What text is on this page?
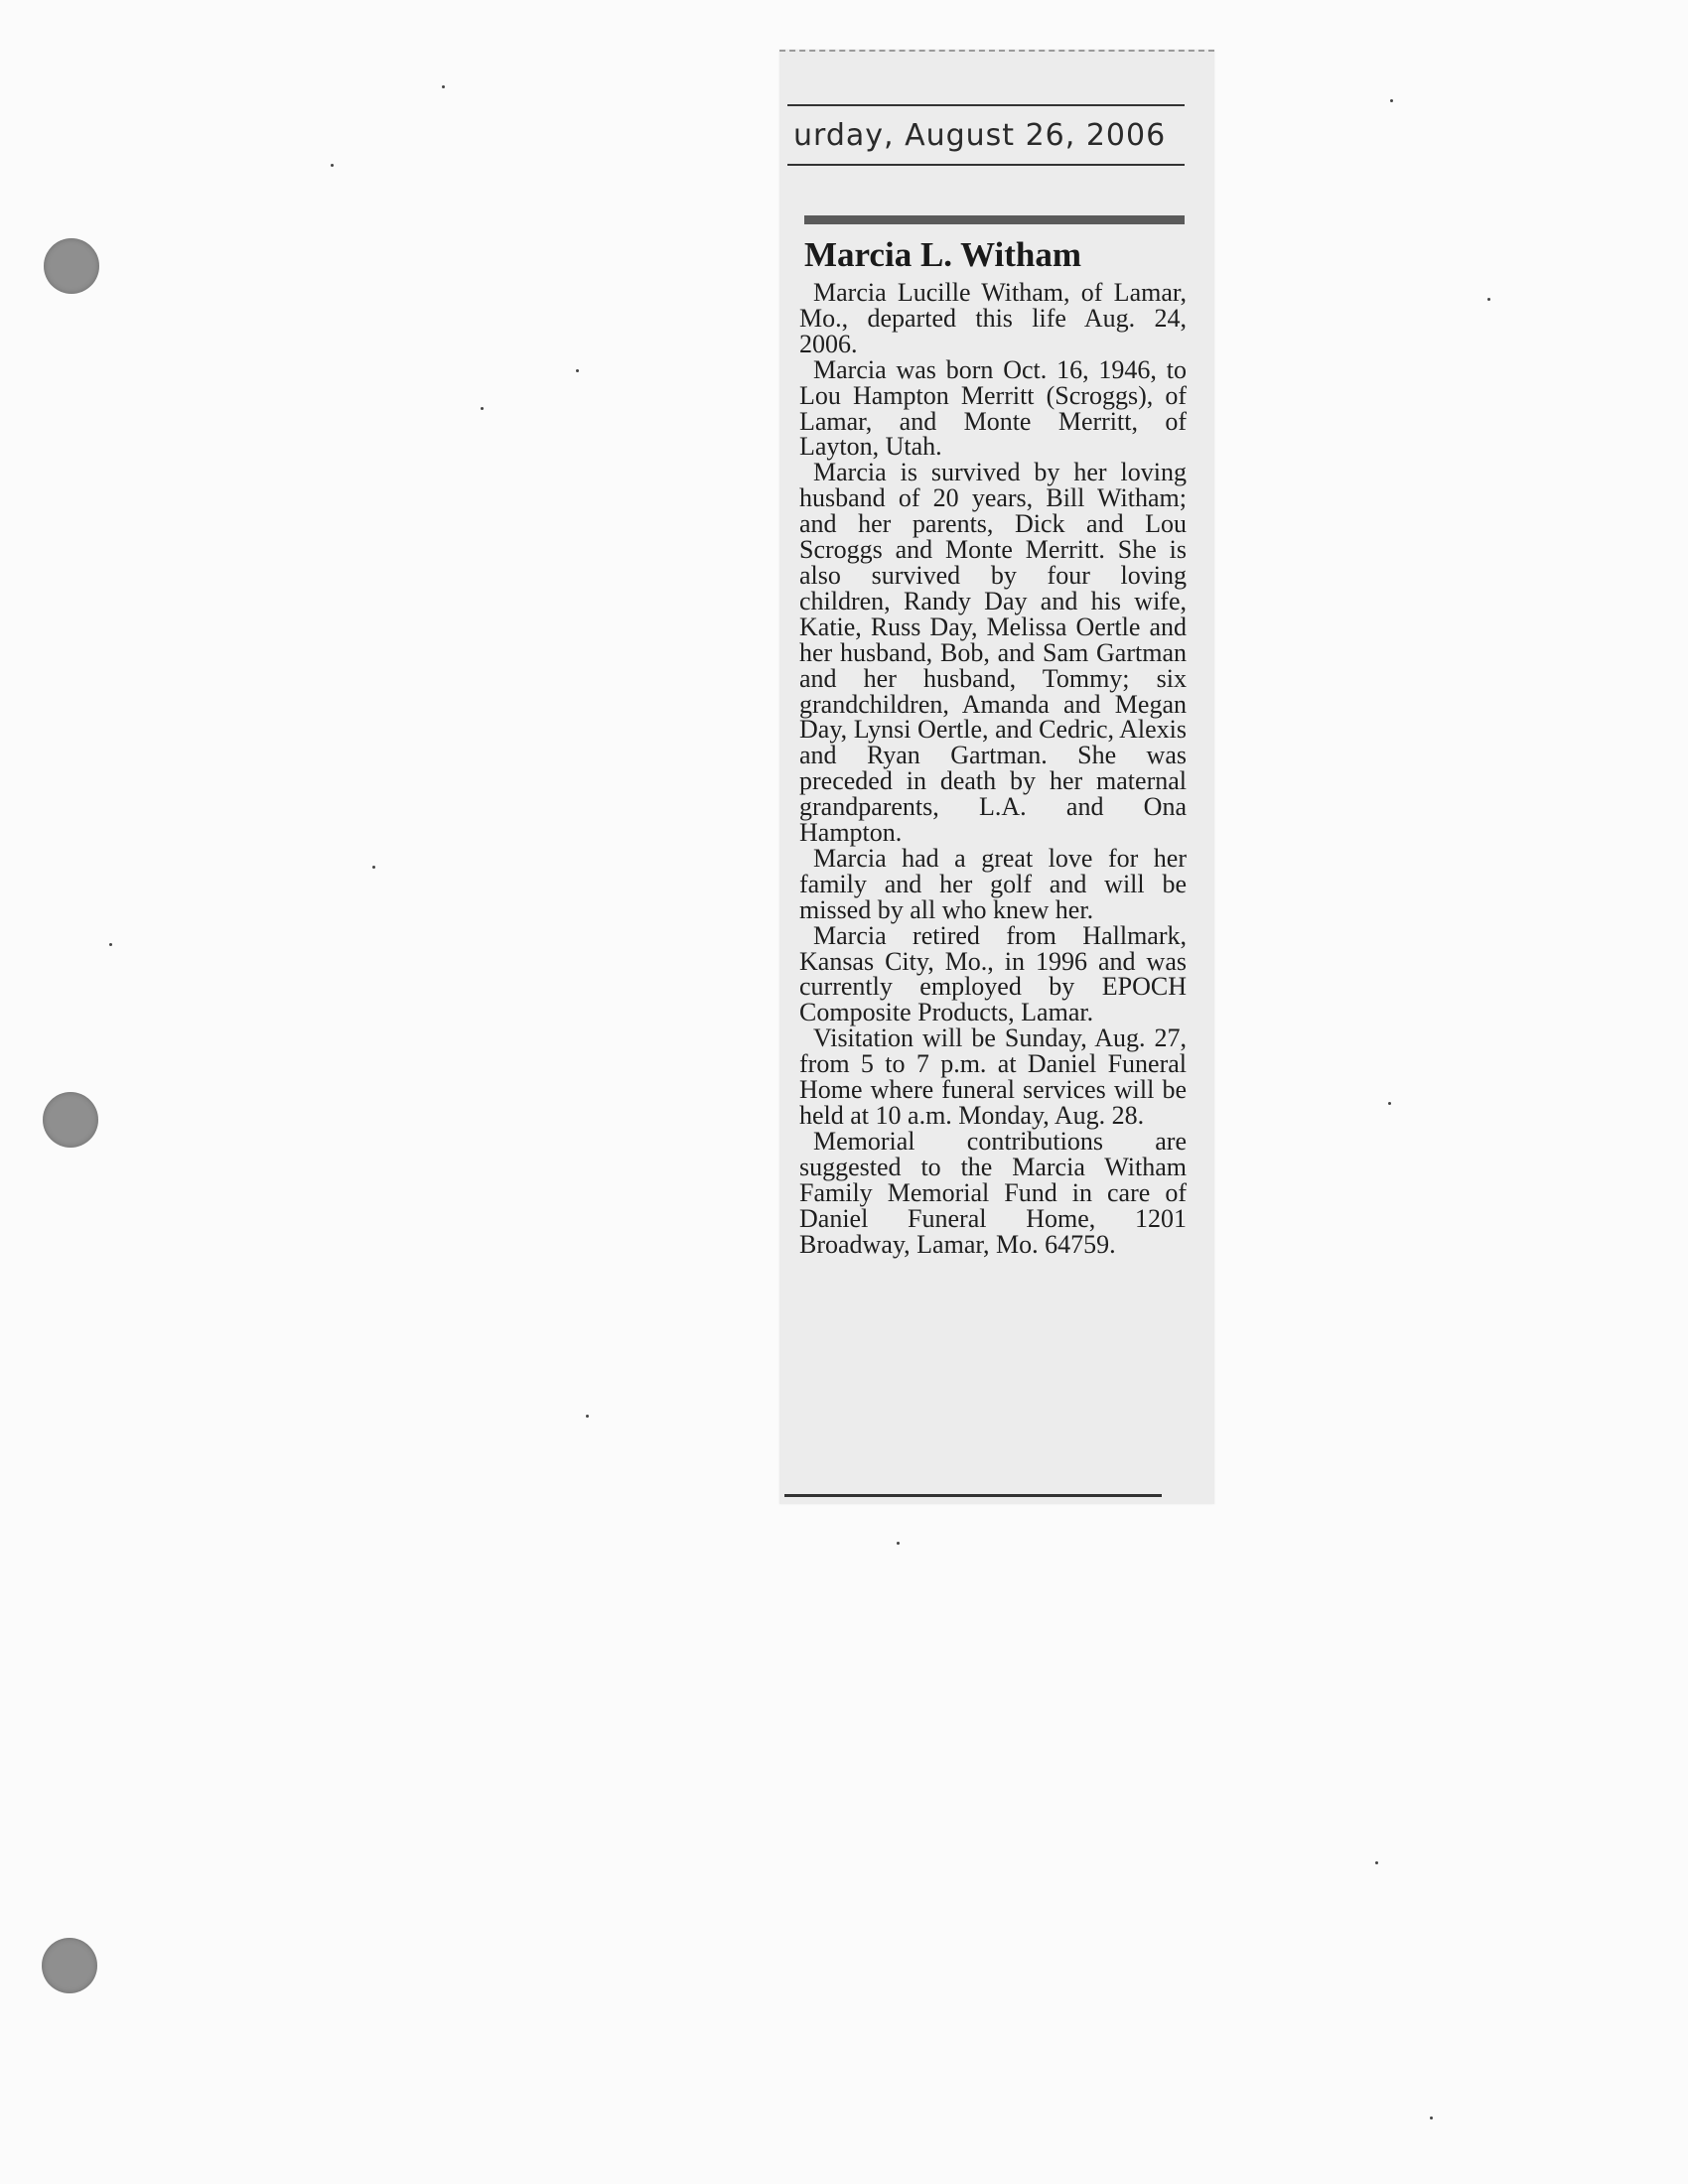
urday, August 26, 2006
Marcia L. Witham

Marcia Lucille Witham, of Lamar, Mo., departed this life Aug. 24, 2006.

Marcia was born Oct. 16, 1946, to Lou Hampton Merritt (Scroggs), of Lamar, and Monte Merritt, of Layton, Utah.

Marcia is survived by her loving husband of 20 years, Bill Witham; and her parents, Dick and Lou Scroggs and Monte Merritt. She is also survived by four loving children, Randy Day and his wife, Katie, Russ Day, Melissa Oertle and her husband, Bob, and Sam Gartman and her husband, Tommy; six grandchildren, Amanda and Megan Day, Lynsi Oertle, and Cedric, Alexis and Ryan Gartman. She was preceded in death by her maternal grandparents, L.A. and Ona Hampton.

Marcia had a great love for her family and her golf and will be missed by all who knew her.

Marcia retired from Hallmark, Kansas City, Mo., in 1996 and was currently employed by EPOCH Composite Products, Lamar.

Visitation will be Sunday, Aug. 27, from 5 to 7 p.m. at Daniel Funeral Home where funeral services will be held at 10 a.m. Monday, Aug. 28.

Memorial contributions are suggested to the Marcia Witham Family Memorial Fund in care of Daniel Funeral Home, 1201 Broadway, Lamar, Mo. 64759.
